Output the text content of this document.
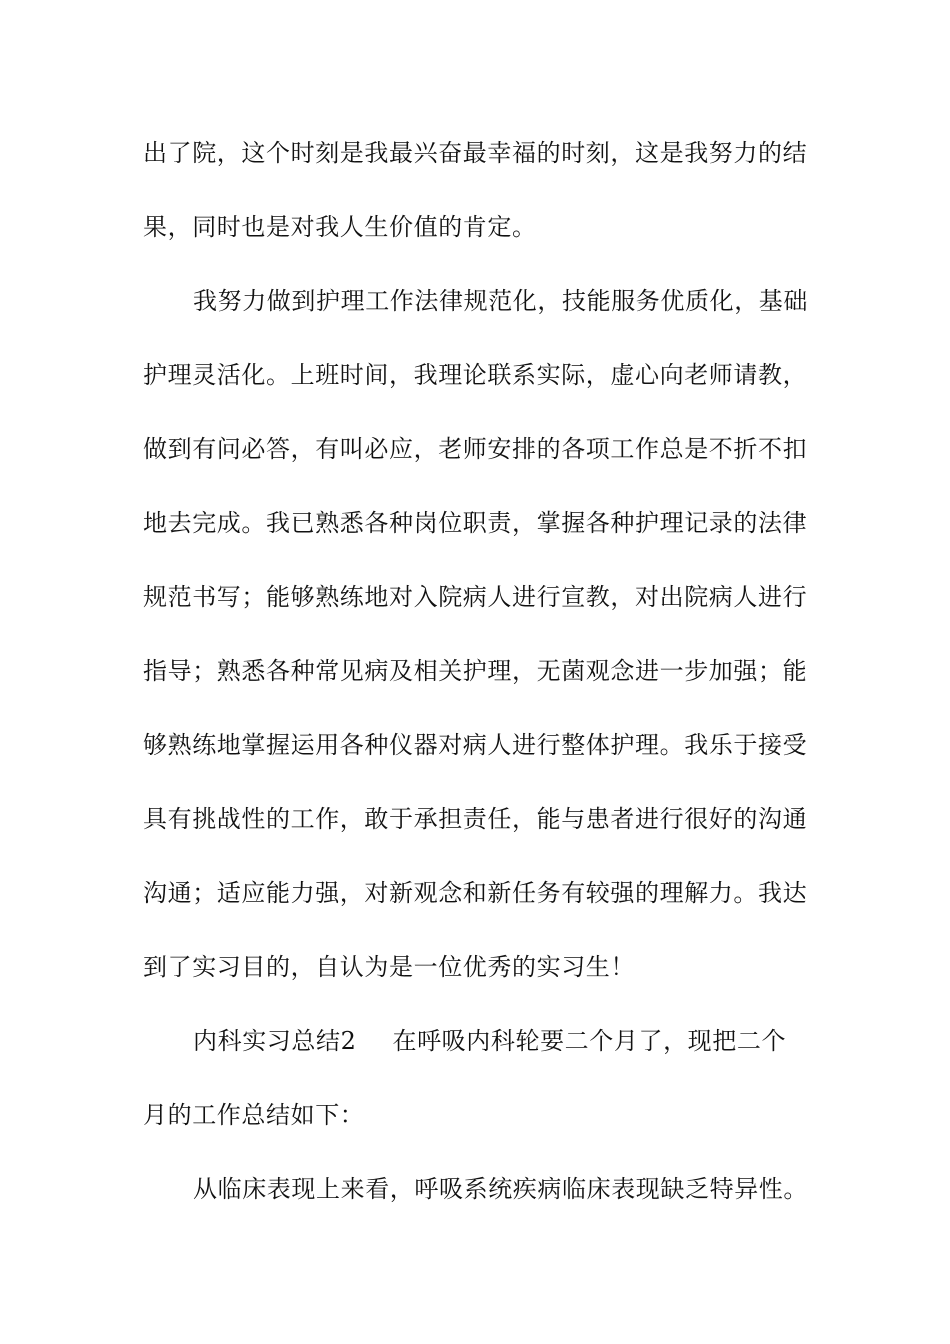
出了院，这个时刻是我最兴奋最幸福的时刻，这是我努力的结
果，同时也是对我人生价值的肯定。
我努力做到护理工作法律规范化，技能服务优质化，基础
护理灵活化。上班时间，我理论联系实际，虚心向老师请教，
做到有问必答，有叫必应，老师安排的各项工作总是不折不扣
地去完成。我已熟悉各种岗位职责，掌握各种护理记录的法律
规范书写；能够熟练地对入院病人进行宣教，对出院病人进行
指导；熟悉各种常见病及相关护理，无菌观念进一步加强；能
够熟练地掌握运用各种仪器对病人进行整体护理。我乐于接受
具有挑战性的工作，敢于承担责任，能与患者进行很好的沟通
沟通；适应能力强，对新观念和新任务有较强的理解力。我达
到了实习目的，自认为是一位优秀的实习生！
内科实习总结2 在呼吸内科轮要二个月了，现把二个
月的工作总结如下：
从临床表现上来看，呼吸系统疾病临床表现缺乏特异性。
